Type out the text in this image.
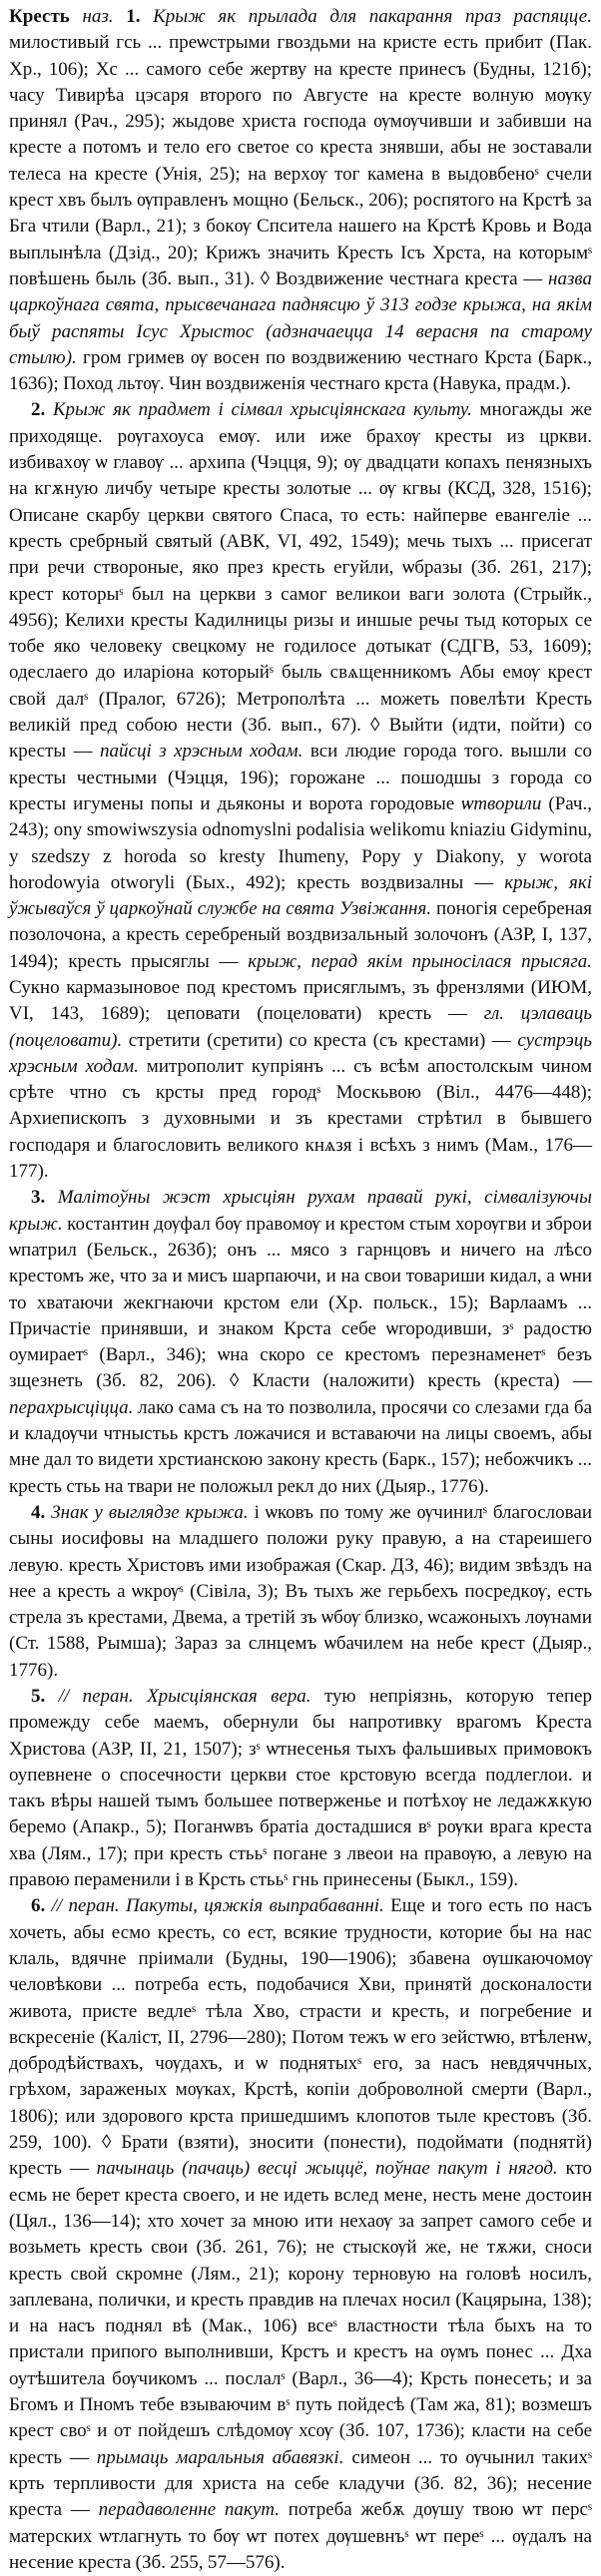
Кресть наз. 1. Крыж як прылада для пакарання праз распяцце. милостивый гсь ... преѡстрыми гвоздьми на кристе есть прибит (Пак. Хр., 106); Хс ... самого себе жертву на кресте принесъ (Будны, 121б); часу Тивирѣа цэсаря второго по Августе на кресте волную мѹку принял (Рач., 295); жыдове христа господа ѹмѹчивши и забивши на кресте а потомъ и тело его светое со креста знявши, абы не зоставали телеса на кресте (Унія, 25); на верхѹ тог камена в выдовбеноˢ счели крест хвъ былъ ѹправленъ мощно (Бельск., 206); роспятого на Крстѣ за Бга чтили (Варл., 21); з бокѹ Спситела нашего на Крстѣ Кровь и Вода выплынѣла (Дзід., 20); Крижъ значить Кресть Ісъ Хрста, на которымˢ повѣшень быль (Зб. вып., 31). ◊ Воздвижение честнага креста — назва царкоўнага свята, прысвечанага паднясцю ў 313 годзе крыжа, на якім быў распяты Ісус Хрыстос (адзначаецца 14 верасня па старому стылю). гром гримев ѹ восен по воздвижению честнаго Крста (Барк., 1636); Поход льтѹ. Чин воздвиженія честнаго крста (Навука, прадм.).

2. Крыж як прадмет і сімвал хрысціянскага культу. многажды же приходяще. рѹгахоуса емѹ. или иже брахѹ кресты из цркви. избивахѹ ѡ главѹ ... архипа (Чэцця, 9); ѹ двадцати копахъ пенязныхъ на кгѫную личбу четыре кресты золотые ... ѹ кгвы (КСД, 328, 1516); Описане скарбу церкви святого Спаса, то есть: найперве евангеліе ... кресть сребрный святый (АВК, VI, 492, 1549); мечь тыхъ ... присегат при речи створоные, яко през кресть егуйли, ѡбразы (Зб. 261, 217); крест которыˢ был на церкви з самог великои ваги золота (Стрыйк., 4956); Келихи кресты Кадилницы ризы и иншые речы тыд которых се тобе яко человеку свецкому не годилосе дотыкат (СДГВ, 53, 1609); одеслаего до иларіона которыйˢ быль свѧщенникомъ Абы емѹ крест свой далˢ (Пралог, 6726); Метрополѣта ... можеть повелѣти Кресть великій пред собою нести (Зб. вып., 67). ◊ Выйти (идти, пойти) со кресты — пайсці з хрэсным ходам. вси людие города того. вышли со кресты честными (Чэцця, 196); горожане ... пошодшы з города со кресты игумены попы и дьяконы и ворота городовые ѡтворили (Рач., 243); ony smowiwszysia odnomyslni podalisia welikomu kniaziu Gidyminu, y szedszy z horoda so kresty Ihumeny, Popy y Diakony, y worota horodowyia otworyli (Бых., 492); кресть воздвизалны — крыж, які ўжываўся ў царкоўнай службе на свята Узвіжання. поногія серебреная позолочона, а кресть серебреный воздвизальный золочонъ (АЗР, I, 137, 1494); кресть прысяглы — крыж, перад якім прыносілася прысяга. Сукно кармазыновое под крестомъ присяглымъ, зъ френзлями (ИЮМ, VI, 143, 1689); цеповати (поцеловати) кресть — гл. цэлаваць (поцеловати). стретити (сретити) со креста (съ крестами) — сустрэць хрэсным ходам. митрополит купріянъ ... съ всѣм апостолскым чином срѣте чтно съ крсты пред городˢ Москьвою (Віл., 4476—448); Архиепископъ з духовными и зъ крестами стрѣтил в бывшего господаря и благословить великого кнѧзя і всѣхъ з нимъ (Мам., 176—177).

3. Малітоўны жэст хрысціян рухам правай рукі, сімвалізуючы крыж. костантин дѹфал бѹ правомѹ и крестом стым хорѹгви и зброи ѡпатрил (Бельск., 263б); онъ ... мясо з гарнцовъ и ничего на лѣсо крестомъ же, что за и мисъ шарпаючи, и на свои товариши кидал, а ѡни то хватаючи жекгнаючи крстом ели (Хр. польск., 15); Варлаамъ ... Причастіе принявши, и знаком Крста себе ѡгородивши, зˢ радостю оумираетˢ (Варл., 346); ѡна скоро се крестомъ перезнаменетˢ безъ зщезнеть (Зб. 82, 206). ◊ Класти (наложити) кресть (креста) — перахрысціцца. лако сама съ на то позволила, просячи со слезами гда ба и кладѹчи чтныстьь крстъ ложачися и вставаючи на лицы своемъ, абы мне дал то видети хрстианскою закону кресть (Барк., 157); небожчикъ ... кресть стьь на твари не положыл рекл до них (Дыяр., 1776).

4. Знак у выглядзе крыжа. і ѡковъ по тому же ѹчинилˢ благословаи сыны иосифовы на младшего положи руку правую, а на стареишего левую. кресть Христовъ ими изображая (Скар. ДЗ, 46); видим звѣздъ на нее а кресть а ѡкрѹˢ (Сівіла, 3); Въ тыхъ же герьбехъ посредкѹ, есть стрела зъ крестами, Двема, а третій зъ ѡбѹ близко, ѡсажоныхъ лѹнами (Ст. 1588, Рымша); Зараз за слнцемъ ѡбачилем на небе крест (Дыяр., 1776).

5. // перан. Хрысціянская вера. тую непріязнь, которую тепер промежду себе маемъ, обернули бы напротивку врагомъ Креста Христова (АЗР, II, 21, 1507); зˢ ѡтнесенья тыхъ фальшивых примовокъ оупевнене о спосечности церкви стое крстовую всегда подлеглои. и такъ вѣры нашей тымъ большее потверженье и потѣхѹ не ледажѫкую беремо (Апакр., 5); Поганѡвъ братіа достадшися вˢ рѹки врага креста хва (Лям., 17); при кресть стььˢ погане з лвеои на правѹю, а левую на правою пераменили і в Крсть стььˢ гнь принесены (Быкл., 159).

6. // перан. Пакуты, цяжкія выпрабаванні. Еще и того есть по насъ хочеть, абы есмо кресть, со ест, всякие трудности, которие бы на нас клаль, вдячне пріимали (Будны, 190—1906); збавена ѹшкаючомѹ человѣкови ... потреба есть, подобачися Хви, принятй досконалости живота, присте ведлеˢ тѣла Хво, страсти и кресть, и погребение и вскресеніе (Каліст, II, 2796—280); Потом тежъ ѡ его зейстѡю, втѣленѡ, добродѣйствахъ, чѹдахъ, и ѡ поднятыхˢ его, за насъ невдяччных, грѣхом, зараженых мѹках, Крстѣ, копіи доброволной смерти (Варл., 1806); или здорового крста пришедшимъ клопотов тыле крестовъ (Зб. 259, 100). ◊ Брати (взяти), зносити (понести), подоймати (поднятй) кресть — пачынаць (пачаць) весці жыццё, поўнае пакут і нягод. кто есмь не берет креста своего, и не идеть вслед мене, несть мене достоин (Цял., 136—14); хто хочет за мною ити нехаѹ за запрет самого себе и возьметь кресть свои (Зб. 261, 76); не стыскѹй же, не тѫжи, сноси кресть свой скромне (Лям., 21); корону терновую на головѣ носилъ, заплевана, полички, и кресть правдив на плечах носил (Кацярына, 138); и на насъ поднял вѣ (Мак., 106) всеˢ властности тѣла быхъ на то пристали припого выполнивши, Крстъ и крестъ на ѹмъ понес ... Дха оутѣшитела бѹчикомъ ... послалˢ (Варл., 36—4); Крсть понесеть; и за Бгомъ и Пномъ тебе взываючим вˢ путь пойдесѣ (Там жа, 81); возмешъ крест своˢ и от пойдешъ слѣдомѹ хсѹ (Зб. 107, 1736); класти на себе кресть — прымаць маральныя абавязкі. симеон ... то ѹчынил такихˢ крть терпливости для христа на себе кладучи (Зб. 82, 36); несение креста — перадаволенне пакут. потреба жебѫ дѹшу твою ѡт персˢ матерских ѡтлагнуть то бѹ ѡт потех дѹшевнъˢ ѡт переˢ ... ѹдалъ на несение креста (Зб. 255, 57—576).
